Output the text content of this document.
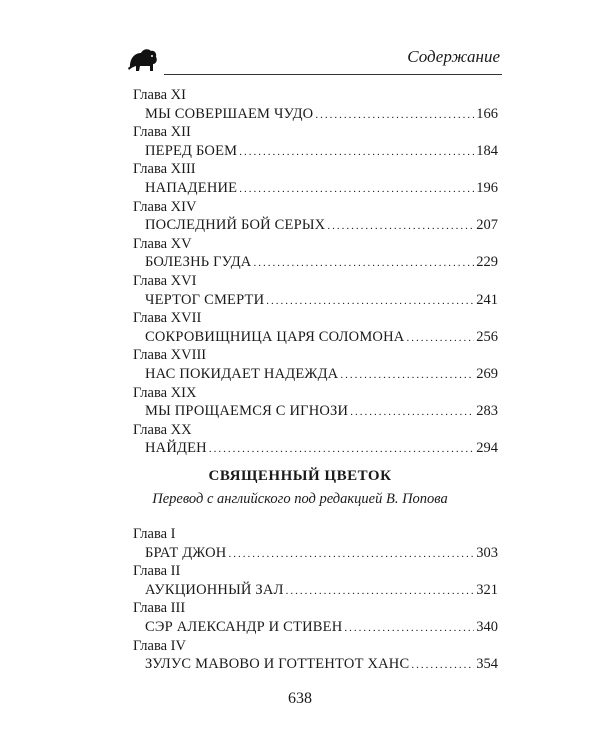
Содержание
Глава XI
МЫ СОВЕРШАЕМ ЧУДО .....	166
Глава XII
ПЕРЕД БОЕМ .....	184
Глава XIII
НАПАДЕНИЕ .....	196
Глава XIV
ПОСЛЕДНИЙ БОЙ СЕРЫХ .....	207
Глава XV
БОЛЕЗНЬ ГУДА .....	229
Глава XVI
ЧЕРТОГ СМЕРТИ .....	241
Глава XVII
СОКРОВИЩНИЦА ЦАРЯ СОЛОМОНА .....	256
Глава XVIII
НАС ПОКИДАЕТ НАДЕЖДА .....	269
Глава XIX
МЫ ПРОЩАЕМСЯ С ИГНОЗИ .....	283
Глава XX
НАЙДЕН .....	294
СВЯЩЕННЫЙ ЦВЕТОК
Перевод с английского под редакцией В. Попова
Глава I
БРАТ ДЖОН .....	303
Глава II
АУКЦИОННЫЙ ЗАЛ .....	321
Глава III
СЭР АЛЕКСАНДР И СТИВЕН .....	340
Глава IV
ЗУЛУС МАВОВО И ГОТТЕНТОТ ХАНС .....	354
638
